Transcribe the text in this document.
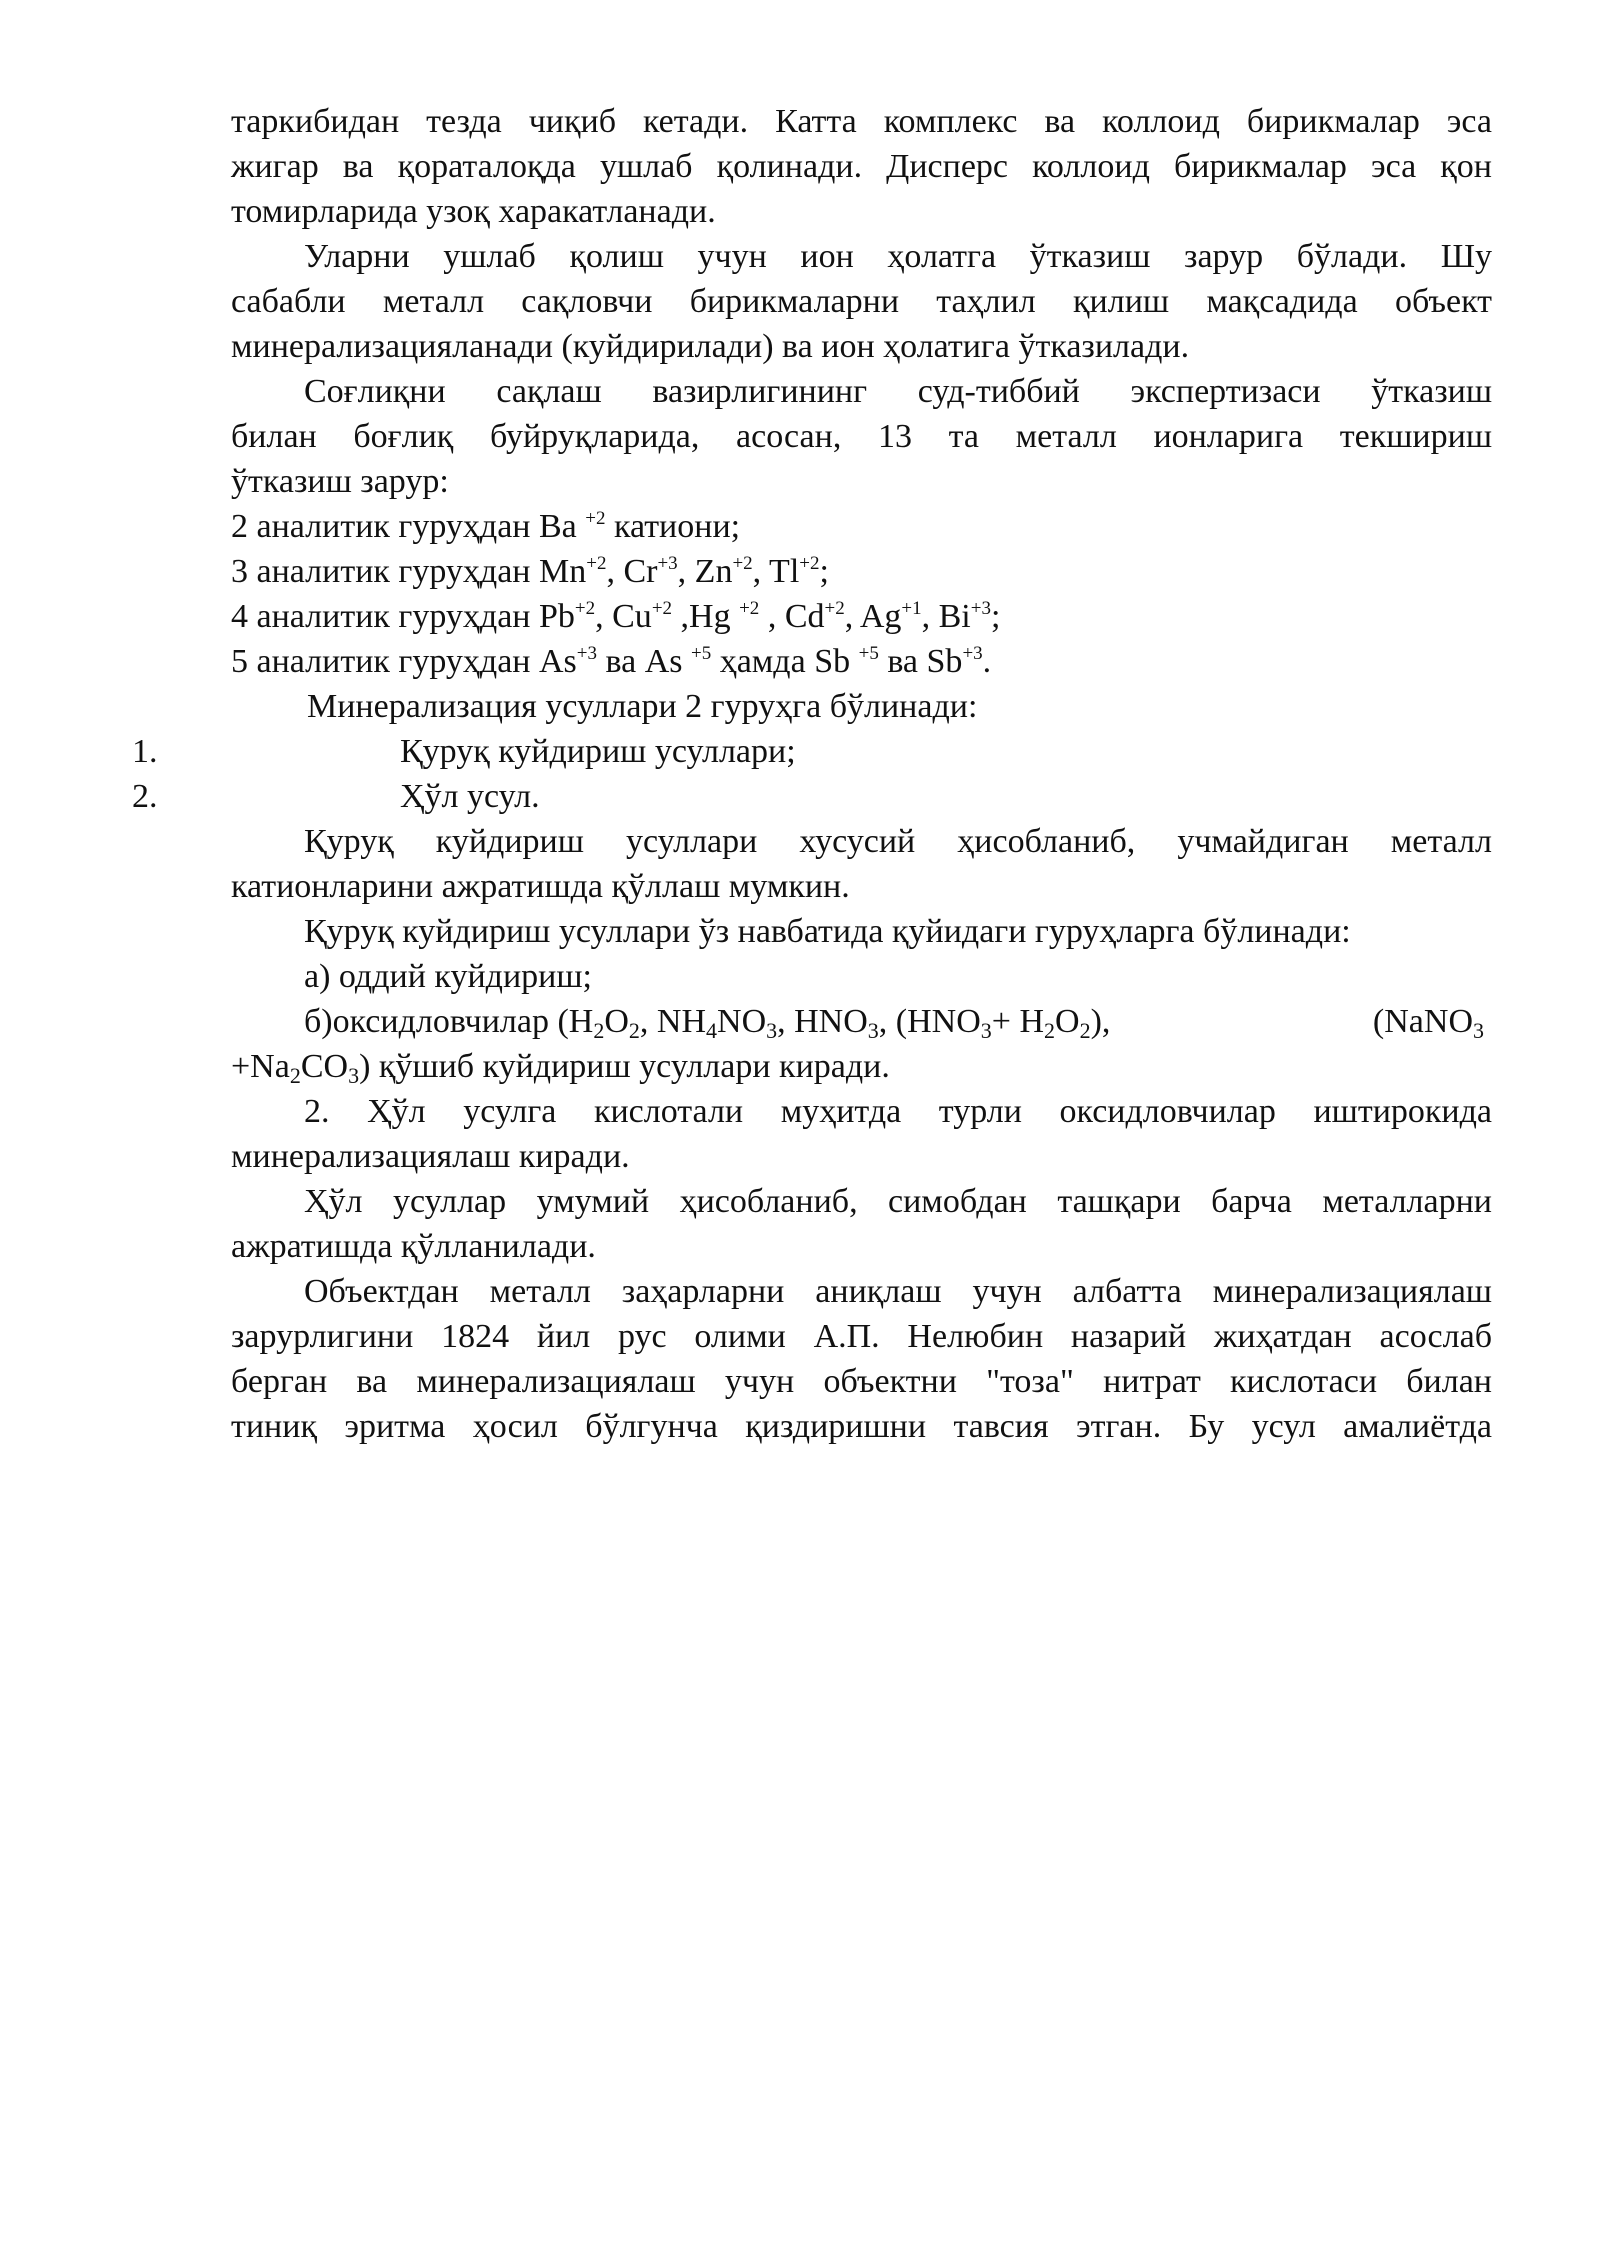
таркибидан тезда чиқиб кетади. Катта комплекс ва коллоид бирикмалар эса
жигар ва қораталоқда ушлаб қолинади. Дисперс коллоид бирикмалар эса қон
томирларида узоқ харакатланади.
Уларни ушлаб қолиш учун ион ҳолатга ўтказиш зарур бўлади. Шу
сабабли металл сақловчи бирикмаларни таҳлил қилиш мақсадида объект
минерализацияланади (куйдирилади) ва ион ҳолатига ўтказилади.
Соғлиқни сақлаш вазирлигининг суд-тиббий экспертизаси ўтказиш
билан боғлиқ буйруқларида, асосан, 13 та металл ионларига текшириш
ўтказиш зарур:
2 аналитик гуруҳдан Ba $^{+2}$ катиони;
3 аналитик гуруҳдан $Mn^{+2}$, $Cr^{+3}$, $Zn^{+2}$, $Tl^{+2}$;
4 аналитик гуруҳдан $Pb^{+2}$, $Cu^{+2}$ ,Hg $^{+2}$ , $Cd^{+2}$, $Ag^{+1}$, $Bi^{+3}$;
5 аналитик гуруҳдан $As^{+3}$ ва As $^{+5}$ ҳамда Sb $^{+5}$ ва $Sb^{+3}$.
Минерализация усуллари 2 гуруҳга бўлинади:
1.	Қуруқ куйдириш усуллари;
2.	Ҳўл усул.
Қуруқ куйдириш усуллари хусусий ҳисобланиб, учмайдиган металл
катионларини ажратишда қўллаш мумкин.
Қуруқ куйдириш усуллари ўз навбатида қуйидаги гуруҳларга бўлинади:
а) оддий куйдириш;
б)оксидловчилар ($H_2O_2$, $NH_4NO_3$, $HNO_3$, $(HNO_3+ H_2O_2)$,	(NaNO$_3$
$+Na_2CO_3$) қўшиб куйдириш усуллари киради.
2. Ҳўл усулга кислотали муҳитда турли оксидловчилар иштирокида
минерализациялаш киради.
Ҳўл усуллар умумий ҳисобланиб, симобдан ташқари барча металларни
ажратишда қўлланилади.
Объектдан металл заҳарларни аниқлаш учун албатта минерализациялаш
зарурлигини 1824 йил рус олими А.П. Нелюбин назарий жиҳатдан асослаб
берган ва минерализациялаш учун объектни "тоза" нитрат кислотаси билан
тиниқ эритма ҳосил бўлгунча қиздиришни тавсия этган. Бу усул амалиётда
